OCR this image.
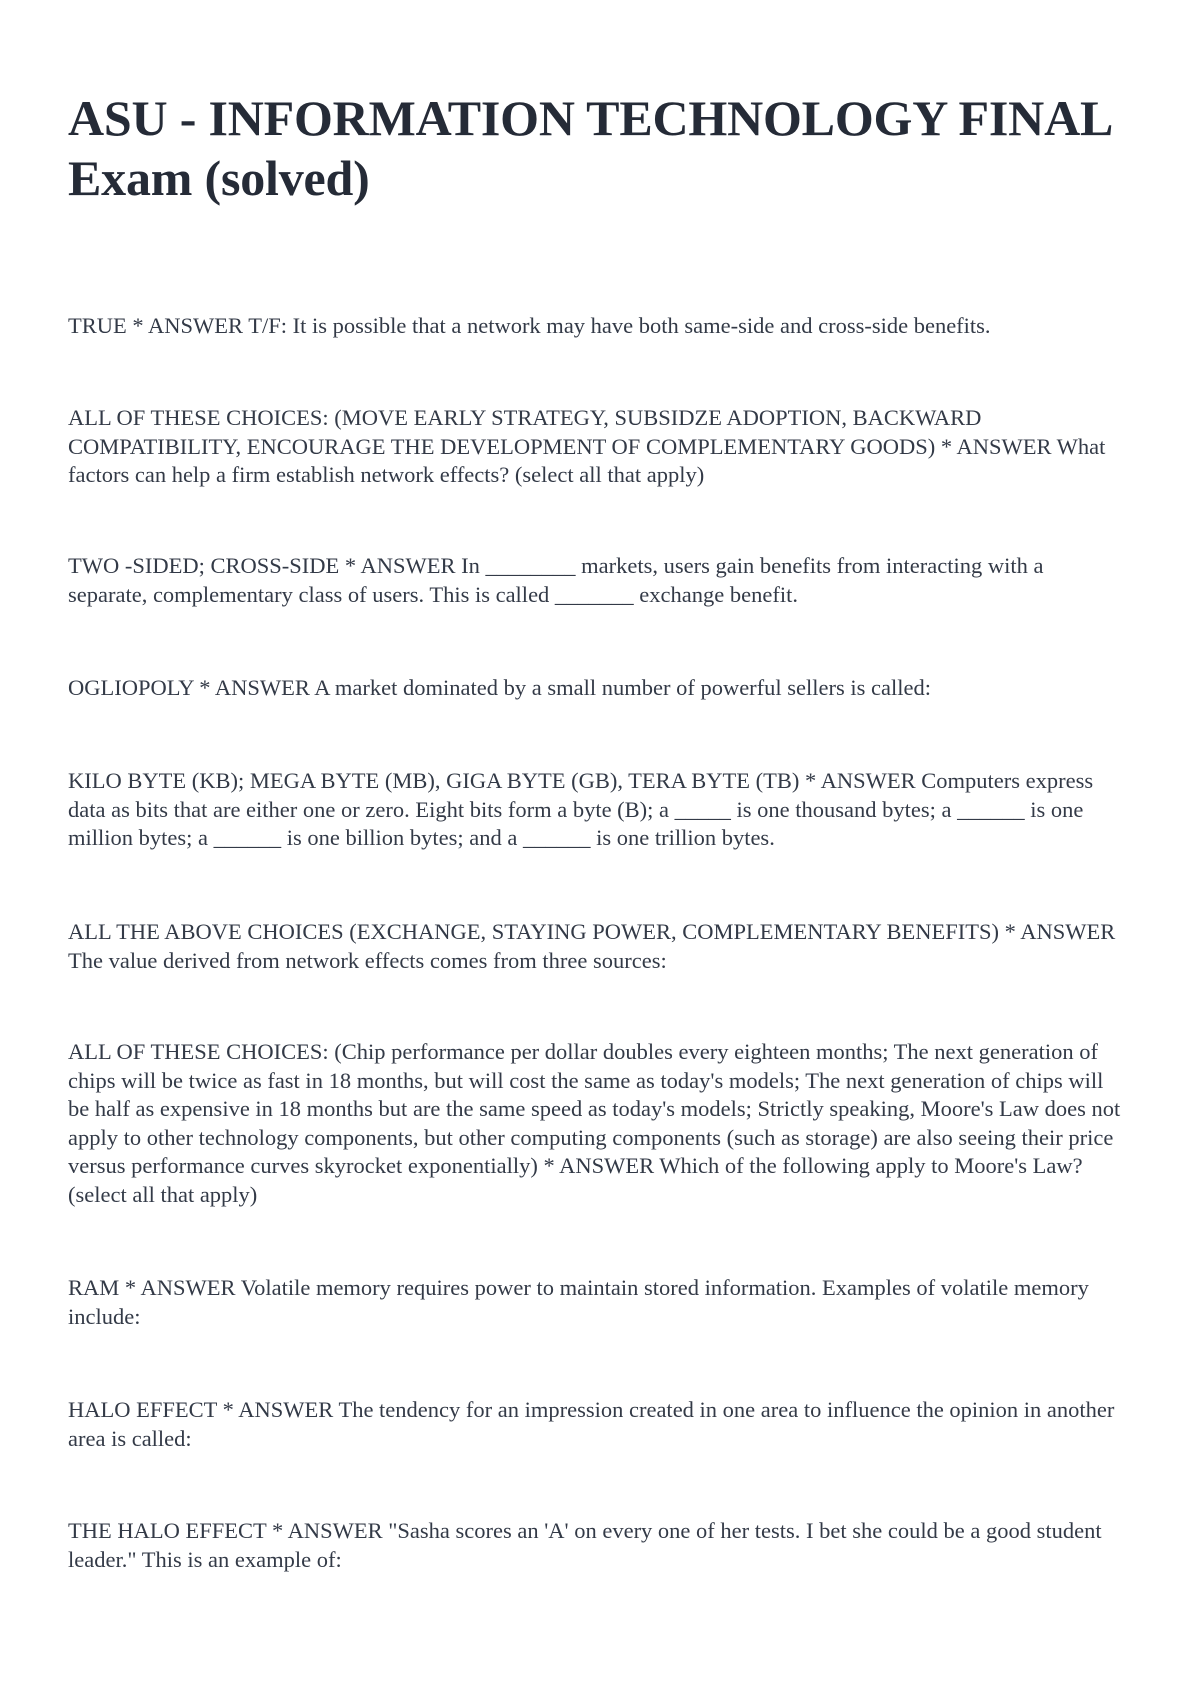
ASU - INFORMATION TECHNOLOGY FINAL Exam (solved)

TRUE * ANSWER T/F: It is possible that a network may have both same-side and cross-side benefits.

ALL OF THESE CHOICES: (MOVE EARLY STRATEGY, SUBSIDZE ADOPTION, BACKWARD COMPATIBILITY, ENCOURAGE THE DEVELOPMENT OF COMPLEMENTARY GOODS) * ANSWER What factors can help a firm establish network effects? (select all that apply)

TWO -SIDED; CROSS-SIDE * ANSWER In ________ markets, users gain benefits from interacting with a separate, complementary class of users. This is called _______ exchange benefit.

OGLIOPOLY * ANSWER A market dominated by a small number of powerful sellers is called:

KILO BYTE (KB); MEGA BYTE (MB), GIGA BYTE (GB), TERA BYTE (TB) * ANSWER Computers express data as bits that are either one or zero. Eight bits form a byte (B); a _____ is one thousand bytes; a ______ is one million bytes; a ______ is one billion bytes; and a ______ is one trillion bytes.

ALL THE ABOVE CHOICES (EXCHANGE, STAYING POWER, COMPLEMENTARY BENEFITS) * ANSWER The value derived from network effects comes from three sources:

ALL OF THESE CHOICES: (Chip performance per dollar doubles every eighteen months; The next generation of chips will be twice as fast in 18 months, but will cost the same as today's models; The next generation of chips will be half as expensive in 18 months but are the same speed as today's models; Strictly speaking, Moore's Law does not apply to other technology components, but other computing components (such as storage) are also seeing their price versus performance curves skyrocket exponentially) * ANSWER Which of the following apply to Moore's Law? (select all that apply)

RAM * ANSWER Volatile memory requires power to maintain stored information. Examples of volatile memory include:

HALO EFFECT * ANSWER The tendency for an impression created in one area to influence the opinion in another area is called:

THE HALO EFFECT * ANSWER "Sasha scores an 'A' on every one of her tests. I bet she could be a good student leader." This is an example of:
